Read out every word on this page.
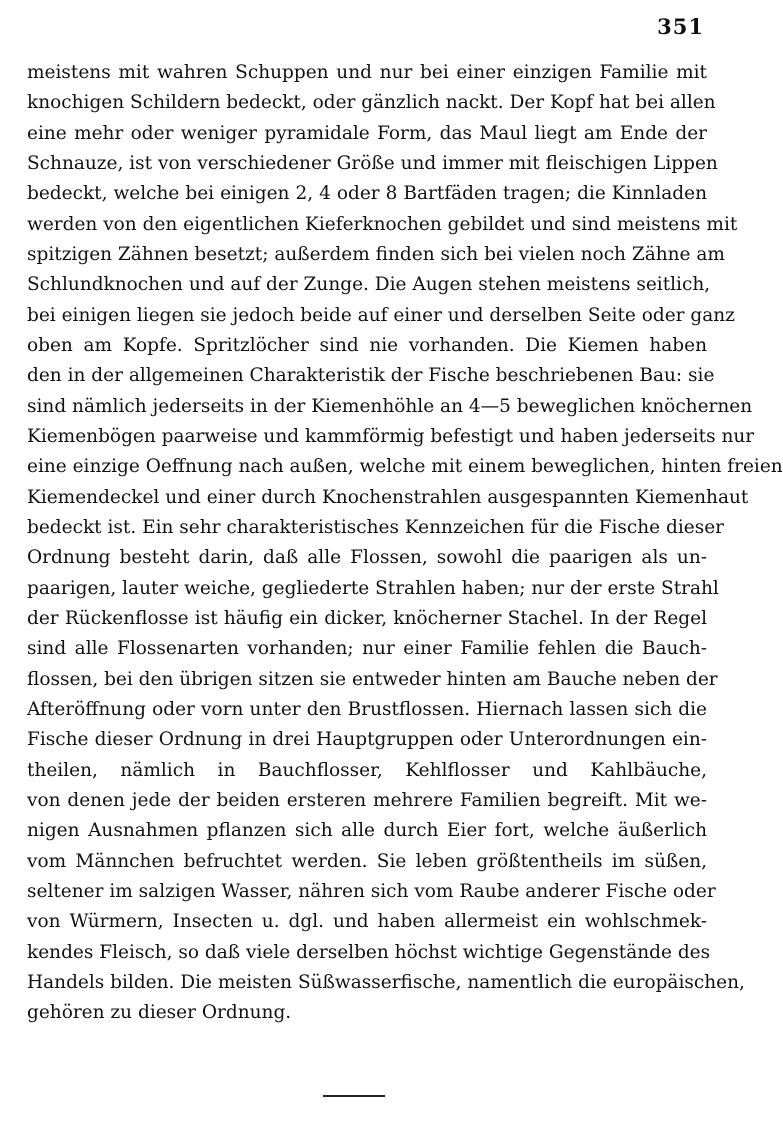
351
meistens mit wahren Schuppen und nur bei einer einzigen Familie mit
knochigen Schildern bedeckt, oder gänzlich nackt. Der Kopf hat bei allen
eine mehr oder weniger pyramidale Form, das Maul liegt am Ende der
Schnauze, ist von verschiedener Größe und immer mit fleischigen Lippen
bedeckt, welche bei einigen 2, 4 oder 8 Bartfäden tragen; die Kinnladen
werden von den eigentlichen Kieferknochen gebildet und sind meistens mit
spitzigen Zähnen besetzt; außerdem finden sich bei vielen noch Zähne am
Schlundknochen und auf der Zunge. Die Augen stehen meistens seitlich,
bei einigen liegen sie jedoch beide auf einer und derselben Seite oder ganz
oben am Kopfe. Spritzlöcher sind nie vorhanden. Die Kiemen haben
den in der allgemeinen Charakteristik der Fische beschriebenen Bau: sie
sind nämlich jederseits in der Kiemenhöhle an 4—5 beweglichen knöchernen
Kiemenbögen paarweise und kammförmig befestigt und haben jederseits nur
eine einzige Oeffnung nach außen, welche mit einem beweglichen, hinten freien
Kiemendeckel und einer durch Knochenstrahlen ausgespannten Kiemenhaut
bedeckt ist. Ein sehr charakteristisches Kennzeichen für die Fische dieser
Ordnung besteht darin, daß alle Flossen, sowohl die paarigen als un-
paarigen, lauter weiche, gegliederte Strahlen haben; nur der erste Strahl
der Rückenflosse ist häufig ein dicker, knöcherner Stachel. In der Regel
sind alle Flossenarten vorhanden; nur einer Familie fehlen die Bauch-
flossen, bei den übrigen sitzen sie entweder hinten am Bauche neben der
Afteröffnung oder vorn unter den Brustflossen. Hiernach lassen sich die
Fische dieser Ordnung in drei Hauptgruppen oder Unterordnungen ein-
theilen, nämlich in Bauchflosser, Kehlflosser und Kahlbäuche,
von denen jede der beiden ersteren mehrere Familien begreift. Mit we-
nigen Ausnahmen pflanzen sich alle durch Eier fort, welche äußerlich
vom Männchen befruchtet werden. Sie leben größtentheils im süßen,
seltener im salzigen Wasser, nähren sich vom Raube anderer Fische oder
von Würmern, Insecten u. dgl. und haben allermeist ein wohlschmek-
kendes Fleisch, so daß viele derselben höchst wichtige Gegenstände des
Handels bilden. Die meisten Süßwasserfische, namentlich die europäischen,
gehören zu dieser Ordnung.
